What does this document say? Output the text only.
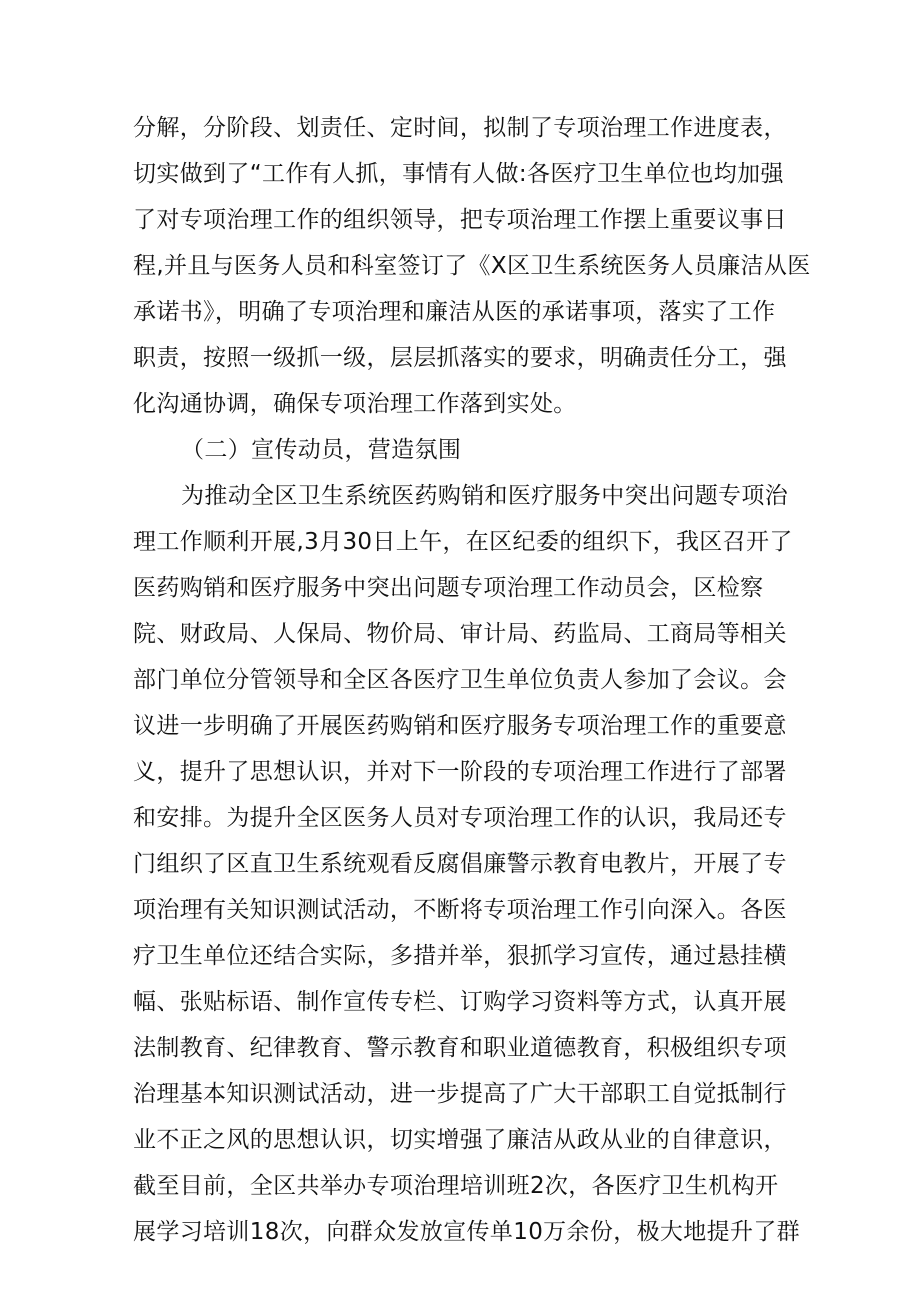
分解，分阶段、划责任、定时间，拟制了专项治理工作进度表，
切实做到了“工作有人抓，事情有人做:各医疗卫生单位也均加强
了对专项治理工作的组织领导，把专项治理工作摆上重要议事日
程,并且与医务人员和科室签订了《X区卫生系统医务人员廉洁从医
承诺书》，明确了专项治理和廉洁从医的承诺事项，落实了工作
职责，按照一级抓一级，层层抓落实的要求，明确责任分工，强
化沟通协调，确保专项治理工作落到实处。
（二）宣传动员，营造氛围
为推动全区卫生系统医药购销和医疗服务中突出问题专项治
理工作顺利开展,3月30日上午，在区纪委的组织下，我区召开了
医药购销和医疗服务中突出问题专项治理工作动员会，区检察
院、财政局、人保局、物价局、审计局、药监局、工商局等相关
部门单位分管领导和全区各医疗卫生单位负责人参加了会议。会
议进一步明确了开展医药购销和医疗服务专项治理工作的重要意
义，提升了思想认识，并对下一阶段的专项治理工作进行了部署
和安排。为提升全区医务人员对专项治理工作的认识，我局还专
门组织了区直卫生系统观看反腐倡廉警示教育电教片，开展了专
项治理有关知识测试活动，不断将专项治理工作引向深入。各医
疗卫生单位还结合实际，多措并举，狠抓学习宣传，通过悬挂横
幅、张贴标语、制作宣传专栏、订购学习资料等方式，认真开展
法制教育、纪律教育、警示教育和职业道德教育，积极组织专项
治理基本知识测试活动，进一步提高了广大干部职工自觉抵制行
业不正之风的思想认识，切实增强了廉洁从政从业的自律意识，
截至目前，全区共举办专项治理培训班2次，各医疗卫生机构开
展学习培训18次，向群众发放宣传单10万余份，极大地提升了群
